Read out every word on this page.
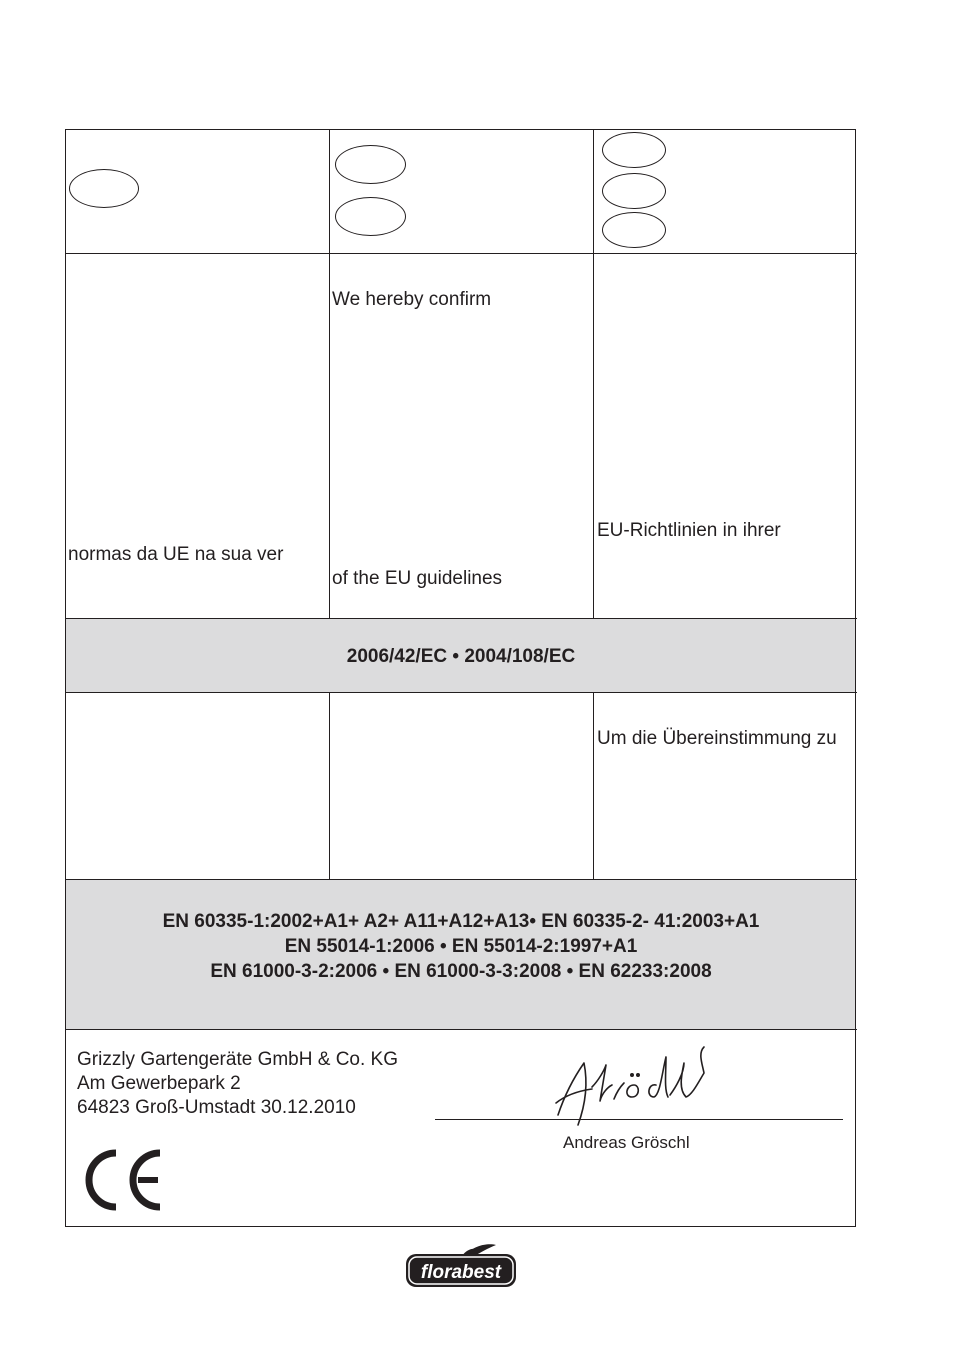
We hereby confirm
EU-Richtlinien in ihrer
normas da UE na sua ver
of the EU guidelines
2006/42/EC • 2004/108/EC
Um die Übereinstimmung zu
EN 60335-1:2002+A1+ A2+ A11+A12+A13• EN 60335-2- 41:2003+A1
EN 55014-1:2006 • EN 55014-2:1997+A1
EN 61000-3-2:2006 • EN 61000-3-3:2008 • EN 62233:2008
Grizzly Gartengeräte GmbH & Co. KG
Am Gewerbepark 2
64823 Groß-Umstadt 30.12.2010
Andreas Gröschl
florabest
